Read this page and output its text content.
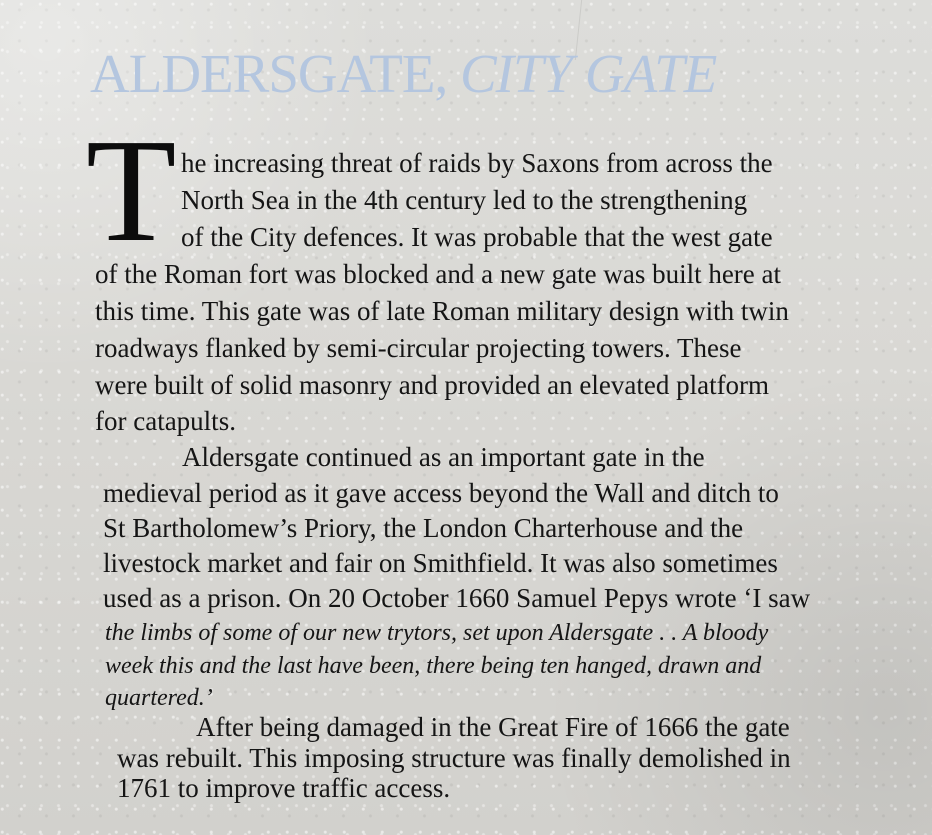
ALDERSGATE, CITY GATE
T he increasing threat of raids by Saxons from across the
North Sea in the 4th century led to the strengthening
of the City defences. It was probable that the west gate
of the Roman fort was blocked and a new gate was built here at
this time. This gate was of late Roman military design with twin
roadways flanked by semi-circular projecting towers. These
were built of solid masonry and provided an elevated platform
for catapults.
Aldersgate continued as an important gate in the
medieval period as it gave access beyond the Wall and ditch to
St Bartholomew’s Priory, the London Charterhouse and the
livestock market and fair on Smithfield. It was also sometimes
used as a prison. On 20 October 1660 Samuel Pepys wrote ‘I saw
the limbs of some of our new trytors, set upon Aldersgate . . A bloody
week this and the last have been, there being ten hanged, drawn and
quartered.’
After being damaged in the Great Fire of 1666 the gate
was rebuilt. This imposing structure was finally demolished in
1761 to improve traffic access.
